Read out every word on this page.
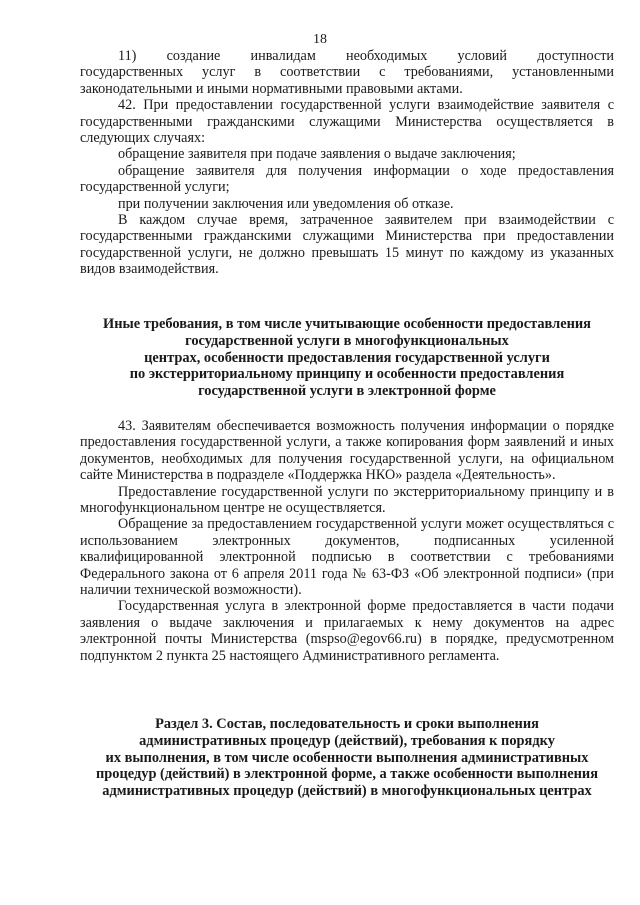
18

11)      создание      инвалидам      необходимых      условий      доступности государственных услуг в соответствии с требованиями, установленными законодательными и иными нормативными правовыми актами.

42. При предоставлении государственной услуги взаимодействие заявителя с государственными гражданскими служащими Министерства осуществляется в следующих случаях:

обращение заявителя при подаче заявления о выдаче заключения;

обращение заявителя для получения информации о ходе предоставления государственной услуги;

при получении заключения или уведомления об отказе.

В каждом случае время, затраченное заявителем при взаимодействии с государственными гражданскими служащими Министерства при предоставлении государственной услуги, не должно превышать 15 минут по каждому из указанных видов взаимодействия.

Иные требования, в том числе учитывающие особенности предоставления
государственной услуги в многофункциональных
центрах, особенности предоставления государственной услуги
по экстерриториальному принципу и особенности предоставления
государственной услуги в электронной форме

43. Заявителям обеспечивается возможность получения информации о порядке предоставления государственной услуги, а также копирования форм заявлений и иных документов, необходимых для получения государственной услуги, на официальном сайте Министерства в подразделе «Поддержка НКО» раздела «Деятельность».

Предоставление государственной услуги по экстерриториальному принципу и в многофункциональном центре не осуществляется.

Обращение за предоставлением государственной услуги может осуществляться с использованием электронных документов, подписанных усиленной квалифицированной электронной подписью в соответствии с требованиями Федерального закона от 6 апреля 2011 года № 63-ФЗ «Об электронной подписи» (при наличии технической возможности).

Государственная услуга в электронной форме предоставляется в части подачи заявления о выдаче заключения и прилагаемых к нему документов на адрес электронной почты Министерства (mspso@egov66.ru) в порядке, предусмотренном подпунктом 2 пункта 25 настоящего Административного регламента.

Раздел 3. Состав, последовательность и сроки выполнения
административных процедур (действий), требования к порядку
их выполнения, в том числе особенности выполнения административных
процедур (действий) в электронной форме, а также особенности выполнения
административных процедур (действий) в многофункциональных центрах
